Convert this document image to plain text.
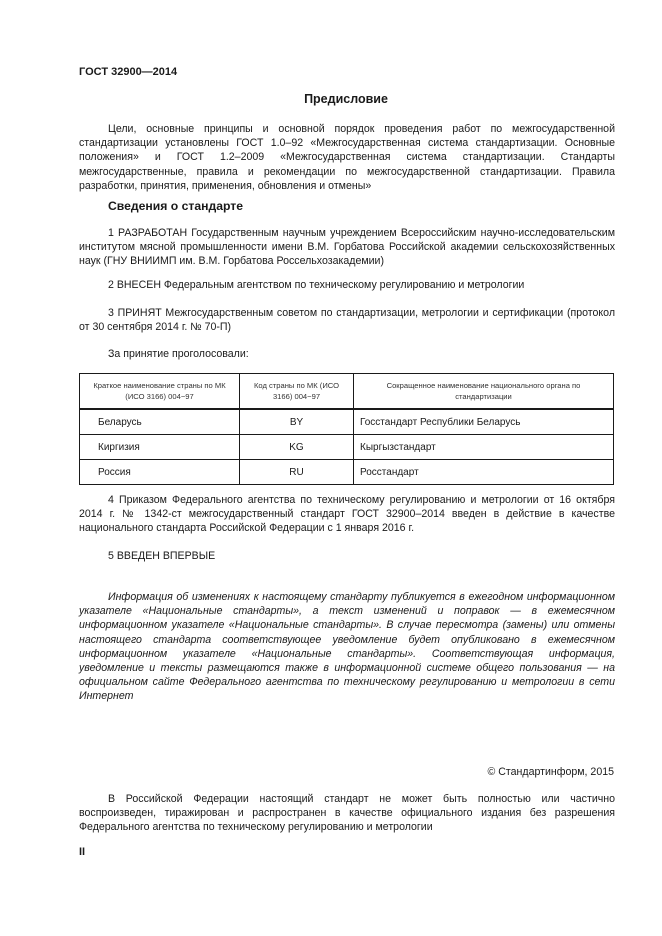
ГОСТ 32900—2014
Предисловие

Цели, основные принципы и основной порядок проведения работ по межгосударственной стандартизации установлены ГОСТ 1.0–92 «Межгосударственная система стандартизации. Основные положения» и ГОСТ 1.2–2009 «Межгосударственная система стандартизации. Стандарты межгосударственные, правила и рекомендации по межгосударственной стандартизации. Правила разработки, принятия, применения, обновления и отмены»

Сведения о стандарте

1 РАЗРАБОТАН Государственным научным учреждением Всероссийским научно-исследовательским институтом мясной промышленности имени В.М. Горбатова Российской академии сельскохозяйственных наук (ГНУ ВНИИМП им. В.М. Горбатова Россельхозакадемии)

2 ВНЕСЕН Федеральным агентством по техническому регулированию и метрологии

3 ПРИНЯТ Межгосударственным советом по стандартизации, метрологии и сертификации (протокол от 30 сентября 2014 г. № 70-П)

За принятие проголосовали:

Краткое наименование страны по МК (ИСО 3166) 004−97	Код страны по МК (ИСО 3166) 004−97	Сокращенное наименование национального органа по стандартизации
Беларусь	BY	Госстандарт Республики Беларусь
Киргизия	KG	Кыргызстандарт
Россия	RU	Росстандарт

4 Приказом Федерального агентства по техническому регулированию и метрологии от 16 октября 2014 г. № 1342-ст межгосударственный стандарт ГОСТ 32900–2014 введен в действие в качестве национального стандарта Российской Федерации с 1 января 2016 г.

5 ВВЕДЕН ВПЕРВЫЕ

Информация об изменениях к настоящему стандарту публикуется в ежегодном информационном указателе «Национальные стандарты», а текст изменений и поправок — в ежемесячном информационном указателе «Национальные стандарты». В случае пересмотра (замены) или отмены настоящего стандарта соответствующее уведомление будет опубликовано в ежемесячном информационном указателе «Национальные стандарты». Соответствующая информация, уведомление и тексты размещаются также в информационной системе общего пользования — на официальном сайте Федерального агентства по техническому регулированию и метрологии в сети Интернет

© Стандартинформ, 2015

В Российской Федерации настоящий стандарт не может быть полностью или частично воспроизведен, тиражирован и распространен в качестве официального издания без разрешения Федерального агентства по техническому регулированию и метрологии

II
